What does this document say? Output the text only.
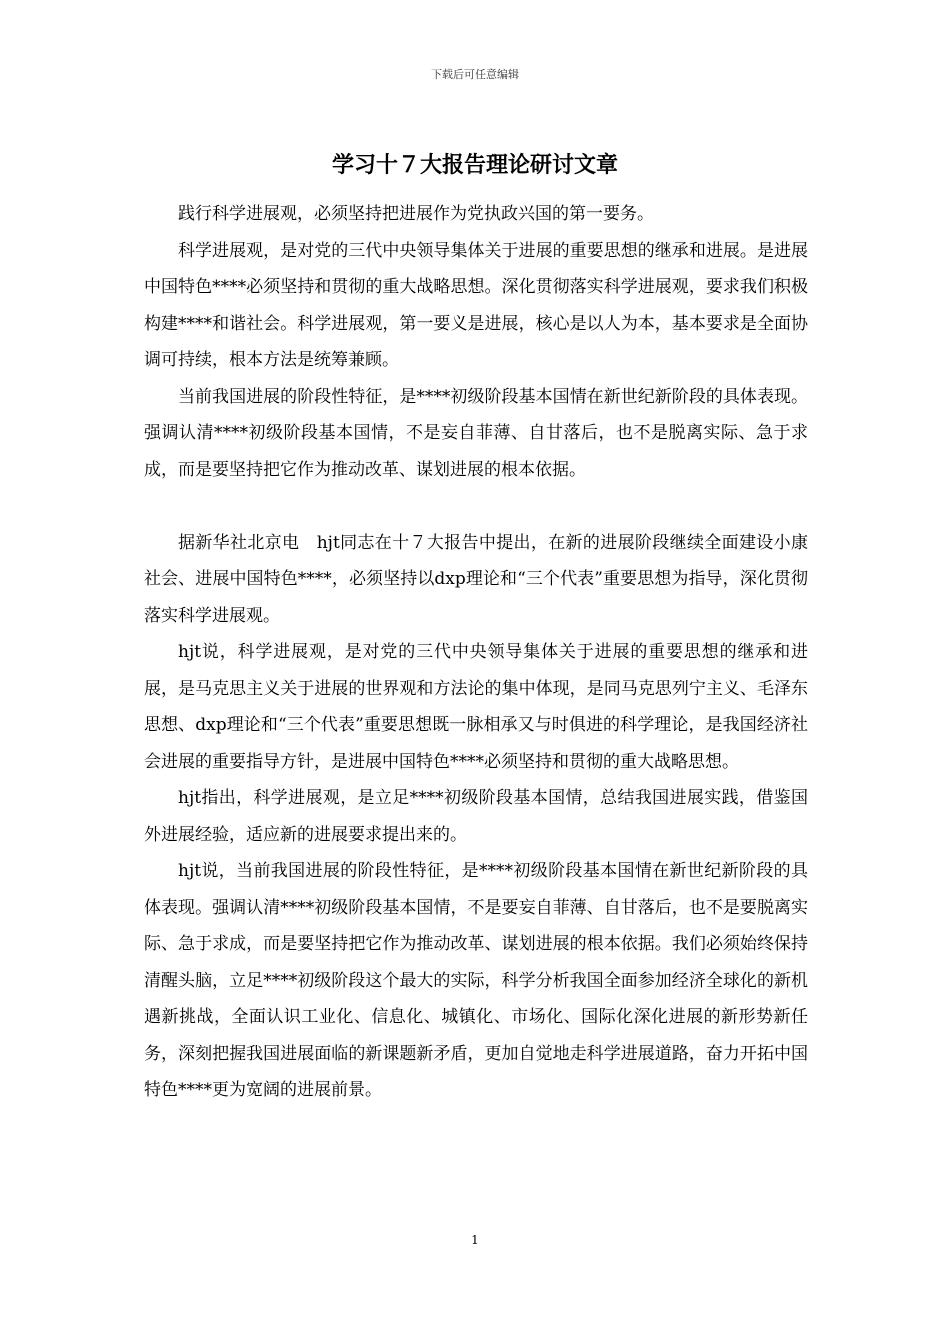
下载后可任意编辑
学习十７大报告理论研讨文章

践行科学进展观，必须坚持把进展作为党执政兴国的第一要务。

科学进展观，是对党的三代中央领导集体关于进展的重要思想的继承和进展。是进展中国特色****必须坚持和贯彻的重大战略思想。深化贯彻落实科学进展观，要求我们积极构建****和谐社会。科学进展观，第一要义是进展，核心是以人为本，基本要求是全面协调可持续，根本方法是统筹兼顾。

当前我国进展的阶段性特征，是****初级阶段基本国情在新世纪新阶段的具体表现。强调认清****初级阶段基本国情，不是妄自菲薄、自甘落后，也不是脱离实际、急于求成，而是要坚持把它作为推动改革、谋划进展的根本依据。

据新华社北京电　hjt同志在十７大报告中提出，在新的进展阶段继续全面建设小康社会、进展中国特色****，必须坚持以dxp理论和“三个代表”重要思想为指导，深化贯彻落实科学进展观。

hjt说，科学进展观，是对党的三代中央领导集体关于进展的重要思想的继承和进展，是马克思主义关于进展的世界观和方法论的集中体现，是同马克思列宁主义、毛泽东思想、dxp理论和“三个代表”重要思想既一脉相承又与时俱进的科学理论，是我国经济社会进展的重要指导方针，是进展中国特色****必须坚持和贯彻的重大战略思想。

hjt指出，科学进展观，是立足****初级阶段基本国情，总结我国进展实践，借鉴国外进展经验，适应新的进展要求提出来的。

hjt说，当前我国进展的阶段性特征，是****初级阶段基本国情在新世纪新阶段的具体表现。强调认清****初级阶段基本国情，不是要妄自菲薄、自甘落后，也不是要脱离实际、急于求成，而是要坚持把它作为推动改革、谋划进展的根本依据。我们必须始终保持清醒头脑，立足****初级阶段这个最大的实际，科学分析我国全面参加经济全球化的新机遇新挑战，全面认识工业化、信息化、城镇化、市场化、国际化深化进展的新形势新任务，深刻把握我国进展面临的新课题新矛盾，更加自觉地走科学进展道路，奋力开拓中国特色****更为宽阔的进展前景。

1
